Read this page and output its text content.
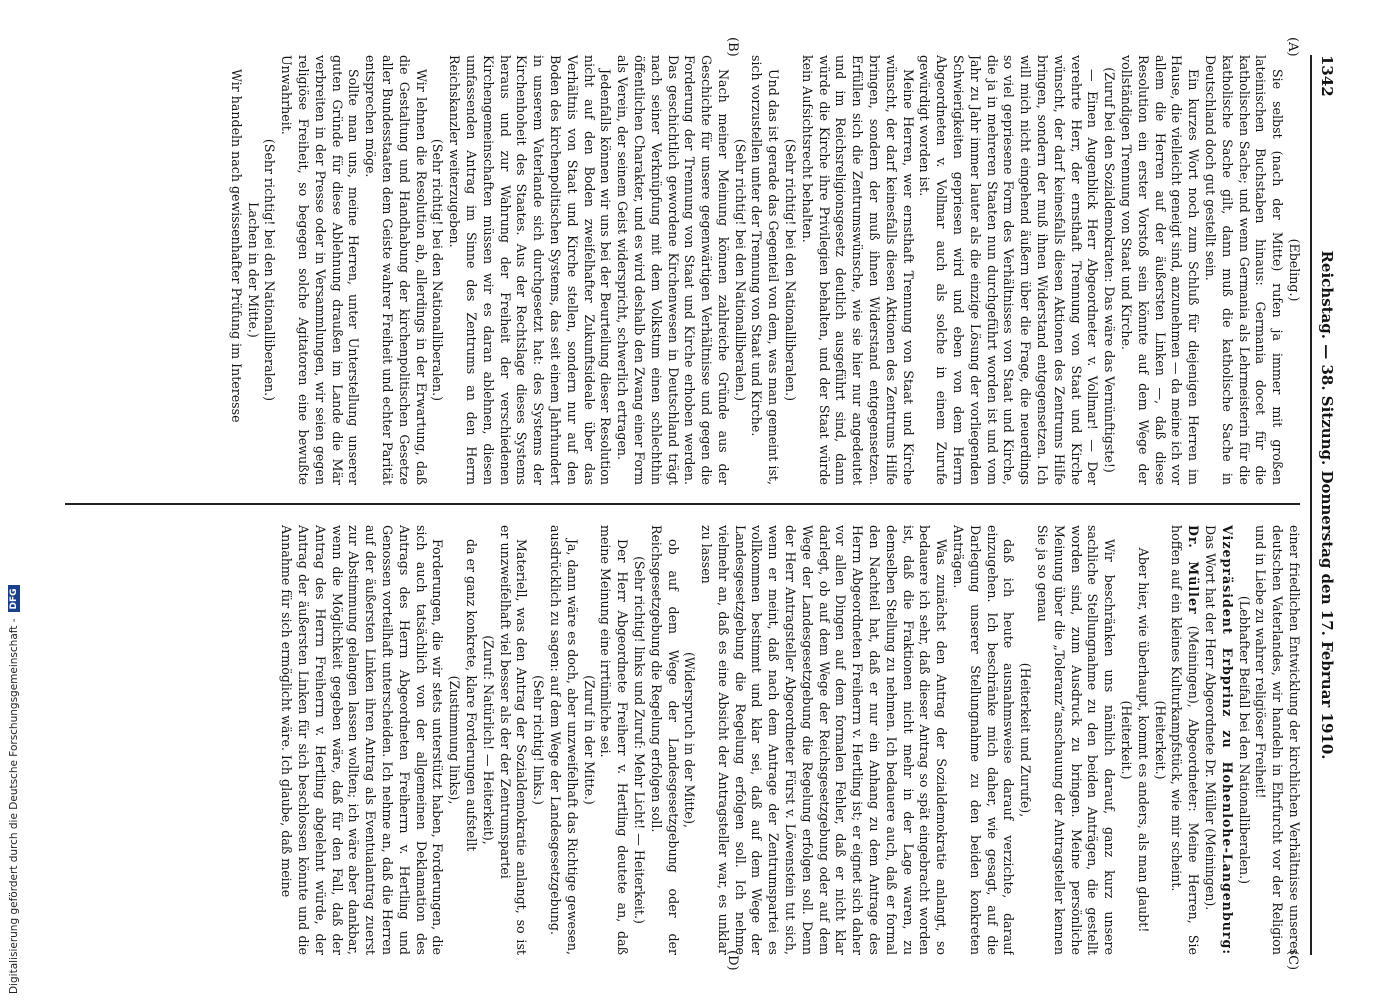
1342
Reichstag. — 38. Sitzung. Donnerstag den 17. Februar 1910.

(Ebeling.)

Sie selbst (nach der Mitte) rufen ja immer mit großen lateinischen Buchstaben hinaus: Germania docet für die katholischen Sache; und wenn Germania als Lehrmeisterin für die katholische Sache gilt, dann muß die katholische Sache in Deutschland doch gut gestellt sein.

Ein kurzes Wort noch zum Schluß für diejenigen Herren im Hause, die vielleicht geneigt sind, anzunehmen — da meine ich vor allem die Herren auf der äußersten Linken —, daß diese Resolution ein erster Vorstoß sein könnte auf dem Wege der vollständigen Trennung von Staat und Kirche.

(Zuruf bei den Sozialdemokraten: Das wäre das Vernünftigste!)

— Einen Augenblick Herr Abgeordneter v. Vollmar! — Der verehrte Herr, der ernsthaft Trennung von Staat und Kirche wünscht, der darf keinesfalls diesen Aktionen des Zentrums Hilfe bringen, sondern der muß ihnen Widerstand entgegensetzen. Ich will mich nicht eingehend äußern über die Frage, die neuerdings so viel gepriesene Form des Verhältnisses von Staat und Kirche, die ja in mehreren Staaten nun durchgeführt worden ist und vom Jahr zu Jahr immer lauter als die einzige Lösung der vorliegenden Schwierigkeiten gepriesen wird und eben von dem Herrn Abgeordneten v. Vollmar auch als solche in einem Zurufe gewürdigt worden ist.

Meine Herren, wer ernsthaft Trennung von Staat und Kirche wünscht, der darf keinesfalls diesen Aktionen des Zentrums Hilfe bringen, sondern der muß ihnen Widerstand entgegensetzen. Erfüllen sich die Zentrumswünsche, wie sie hier nur angedeutet und im Reichsreligionsgesetz deutlich ausgeführt sind, dann würde die Kirche ihre Privilegien behalten, und der Staat würde kein Aufsichtsrecht behalten.

(Sehr richtig! bei den Nationalliberalen.)

Und das ist gerade das Gegenteil von dem, was man gemeint ist, sich vorzustellen unter der Trennung von Staat und Kirche.

(Sehr richtig! bei den Nationalliberalen.)

Nach meiner Meinung können zahlreiche Gründe aus der Geschichte für unsere gegenwärtigen Verhältnisse und gegen die Forderung der Trennung von Staat und Kirche erhoben werden. Das geschichtlich gewordene Kirchenwesen in Deutschland trägt nach seiner Verknüpfung mit dem Volkstum einen schlechthin öffentlichen Charakter, und es wird deshalb den Zwang einer Form als Verein, der seinem Geist widerspricht, schwerlich ertragen.

Jedenfalls können wir uns bei der Beurteilung dieser Resolution nicht auf den Boden zweifelhafter Zukunftsideale über das Verhältnis von Staat und Kirche stellen, sondern nur auf den Boden des kirchenpolitischen Systems, das seit einem Jahrhundert in unserem Vaterlande sich durchgesetzt hat: des Systems der Kirchenhoheit des Staates. Aus der Rechtslage dieses Systems heraus und zur Wahrung der Freiheit der verschiedenen Kirchengemeinschaften müssen wir es daran ablehnen, diesen umfassenden Antrag im Sinne des Zentrums an den Herrn Reichskanzler weiterzugeben.

(Sehr richtig! bei den Nationalliberalen.)

Wir lehnen die Resolution ab, allerdings in der Erwartung, daß die Gestaltung und Handhabung der kirchenpolitischen Gesetze aller Bundesstaaten dem Geiste wahrer Freiheit und echter Parität entsprechen möge.

Sollte man uns, meine Herren, unter Unterstellung unserer guten Gründe für diese Ablehnung draußen im Lande die Mär verbreiten in der Presse oder in Versammlungen, wir seien gegen religiöse Freiheit, so begegen solche Agitatoren eine bewußte Unwahrheit.

(Sehr richtig! bei den Nationalliberalen.)

Lachen in der Mitte.)

Wir handeln nach gewissenhafter Prüfung im Interesse

einer friedlichen Entwicklung der kirchlichen Verhältnisse unseres deutschen Vaterlandes, wir handeln in Ehrfurcht vor der Religion und in Liebe zu wahrer religiöser Freiheit!

(Lebhafter Beifall bei den Nationalliberalen.)

Vizepräsident Erbprinz zu Hohenlohe-Langenburg: Das Wort hat der Herr Abgeordnete Dr. Müller (Meiningen).

Dr. Müller (Meiningen), Abgeordneter: Meine Herren, Sie hoffen auf ein kleines Kulturkampfstück, wie mir scheint.

(Heiterkeit.)

Aber hier, wie überhaupt, kommt es anders, als man glaubt!

(Heiterkeit.)

Wir beschränken uns nämlich darauf, ganz kurz unsere sachliche Stellungnahme zu den beiden Anträgen, die gestellt worden sind, zum Ausdruck zu bringen. Meine persönliche Meinung über die „Toleranz“anschauung der Antragsteller kennen Sie ja so genau

(Heiterkeit und Zurufe),

daß ich heute ausnahmsweise darauf verzichte, darauf einzugehen. Ich beschränke mich daher, wie gesagt, auf die Darlegung unserer Stellungnahme zu den beiden konkreten Anträgen.

Was zunächst den Antrag der Sozialdemokratie anlangt, so bedauere ich sehr, daß dieser Antrag so spät eingebracht worden ist, daß die Fraktionen nicht mehr in der Lage waren, zu demselben Stellung zu nehmen. Ich bedauere auch, daß er formal den Nachteil hat, daß er nur ein Anhang zu dem Antrage des Herrn Abgeordneten Freiherrn v. Hertling ist; er eignet sich daher vor allen Dingen auf dem formalen Fehler, daß er nicht klar darlegt, ob auf dem Wege der Reichsgesetzgebung oder auf dem Wege der Landesgesetzgebung die Regelung erfolgen soll. Denn der Herr Antragsteller Abgeordneter Fürst v. Löwenstein tut sich, wenn er meint, daß nach dem Antrage der Zentrumspartei es vollkommen bestimmt und klar sei, daß auf dem Wege der Landesgesetzgebung die Regelung erfolgen soll. Ich nehme vielmehr an, daß es eine Absicht der Antragsteller war, es unklar zu lassen

(Widerspruch in der Mitte),

ob auf dem Wege der Landesgesetzgebung oder der Reichsgesetzgebung die Regelung erfolgen soll.

(Sehr richtig! links und Zuruf: Mehr Licht! — Heiterkeit.)

Der Herr Abgeordnete Freiherr v. Hertling deutete an, daß meine Meinung eine irrtümliche sei.

(Zuruf in der Mitte.)

Ja, dann wäre es doch, aber unzweifelhaft das Richtige gewesen, ausdrücklich zu sagen: auf dem Wege der Landesgesetzgebung.

(Sehr richtig! links.)

Materiell, was den Antrag der Sozialdemokratie anlangt, so ist er unzweifelhaft viel besser als der der Zentrumspartei

(Zuruf: Natürlich! — Heiterkeit),

da er ganz konkrete, klare Forderungen aufstellt

(Zustimmung links),

Forderungen, die wir stets unterstützt haben, Forderungen, die sich auch tatsächlich von der allgemeinen Deklamation des Antrags des Herrn Abgeordneten Freiherrn v. Hertling und Genossen vorteilhaft unterscheiden. Ich nehme an, daß die Herren auf der äußersten Linken ihren Antrag als Eventualantrag zuerst zur Abstimmung gelangen lassen wollten; ich wäre aber dankbar, wenn die Möglichkeit gegeben wäre, daß für den Fall, daß der Antrag des Herrn Freiherrn v. Hertling abgelehnt würde, der Antrag der äußersten Linken für sich beschlossen könnte und die Annahme für sich ermöglicht wäre. Ich glaube, daß meine

(A)
(B)
(C)
(D)
Digitalisierung gefördert durch die Deutsche Forschungsgemeinschaft -
DFG
